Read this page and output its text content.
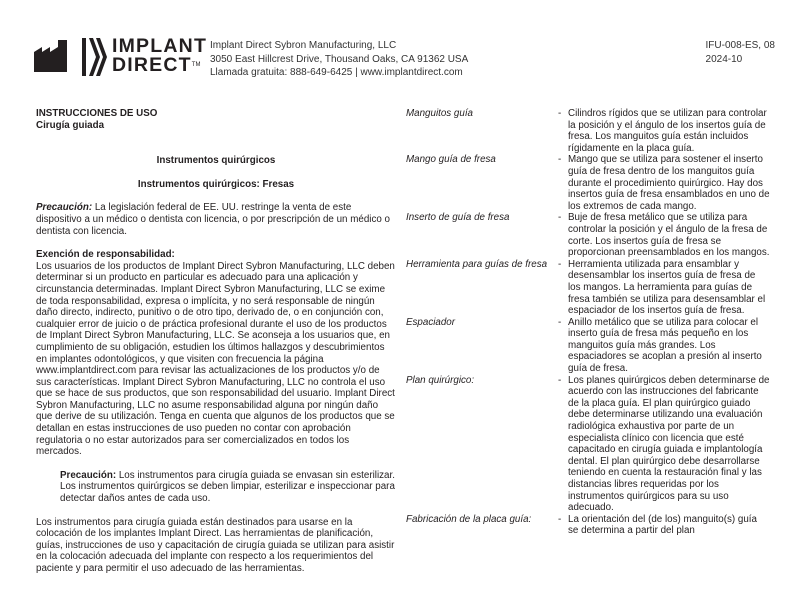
IMPLANT
DIRECT™
Implant Direct Sybron Manufacturing, LLC
3050 East Hillcrest Drive, Thousand Oaks, CA 91362 USA
Llamada gratuita: 888-649-6425 | www.implantdirect.com
IFU-008-ES, 08
2024-10

INSTRUCCIONES DE USO

Cirugía guiada

Instrumentos quirúrgicos

Instrumentos quirúrgicos: Fresas

Precaución: La legislación federal de EE. UU. restringe la venta de este dispositivo a un médico o dentista con licencia, o por prescripción de un médico o dentista con licencia.

Exención de responsabilidad:

Los usuarios de los productos de Implant Direct Sybron Manufacturing, LLC deben determinar si un producto en particular es adecuado para una aplicación y circunstancia determinadas. Implant Direct Sybron Manufacturing, LLC se exime de toda responsabilidad, expresa o implícita, y no será responsable de ningún daño directo, indirecto, punitivo o de otro tipo, derivado de, o en conjunción con, cualquier error de juicio o de práctica profesional durante el uso de los productos de Implant Direct Sybron Manufacturing, LLC. Se aconseja a los usuarios que, en cumplimiento de su obligación, estudien los últimos hallazgos y descubrimientos en implantes odontológicos, y que visiten con frecuencia la página www.implantdirect.com para revisar las actualizaciones de los productos y/o de sus características. Implant Direct Sybron Manufacturing, LLC no controla el uso que se hace de sus productos, que son responsabilidad del usuario. Implant Direct Sybron Manufacturing, LLC no asume responsabilidad alguna por ningún daño que derive de su utilización. Tenga en cuenta que algunos de los productos que se detallan en estas instrucciones de uso pueden no contar con aprobación regulatoria o no estar autorizados para ser comercializados en todos los mercados.

Precaución: Los instrumentos para cirugía guiada se envasan sin esterilizar. Los instrumentos quirúrgicos se deben limpiar, esterilizar e inspeccionar para detectar daños antes de cada uso.

Los instrumentos para cirugía guiada están destinados para usarse en la colocación de los implantes Implant Direct. Las herramientas de planificación, guías, instrucciones de uso y capacitación de cirugía guiada se utilizan para asistir en la colocación adecuada del implante con respecto a los requerimientos del paciente y para permitir el uso adecuado de las herramientas.

Manguitos guía	- Cilindros rígidos que se utilizan para controlar la posición y el ángulo de los insertos guía de fresa. Los manguitos guía están incluidos rígidamente en la placa guía.
Mango guía de fresa	- Mango que se utiliza para sostener el inserto guía de fresa dentro de los manguitos guía durante el procedimiento quirúrgico. Hay dos insertos guía de fresa ensamblados en uno de los extremos de cada mango.
Inserto de guía de fresa	- Buje de fresa metálico que se utiliza para controlar la posición y el ángulo de la fresa de corte. Los insertos guía de fresa se proporcionan preensamblados en los mangos.
Herramienta para guías de fresa	- Herramienta utilizada para ensamblar y desensamblar los insertos guía de fresa de los mangos. La herramienta para guías de fresa también se utiliza para desensamblar el espaciador de los insertos guía de fresa.
Espaciador	- Anillo metálico que se utiliza para colocar el inserto guía de fresa más pequeño en los manguitos guía más grandes. Los espaciadores se acoplan a presión al inserto guía de fresa.
Plan quirúrgico:	- Los planes quirúrgicos deben determinarse de acuerdo con las instrucciones del fabricante de la placa guía. El plan quirúrgico guiado debe determinarse utilizando una evaluación radiológica exhaustiva por parte de un especialista clínico con licencia que esté capacitado en cirugía guiada e implantología dental. El plan quirúrgico debe desarrollarse teniendo en cuenta la restauración final y las distancias libres requeridas por los instrumentos quirúrgicos para su uso adecuado.
Fabricación de la placa guía:	- La orientación del (de los) manguito(s) guía se determina a partir del plan
